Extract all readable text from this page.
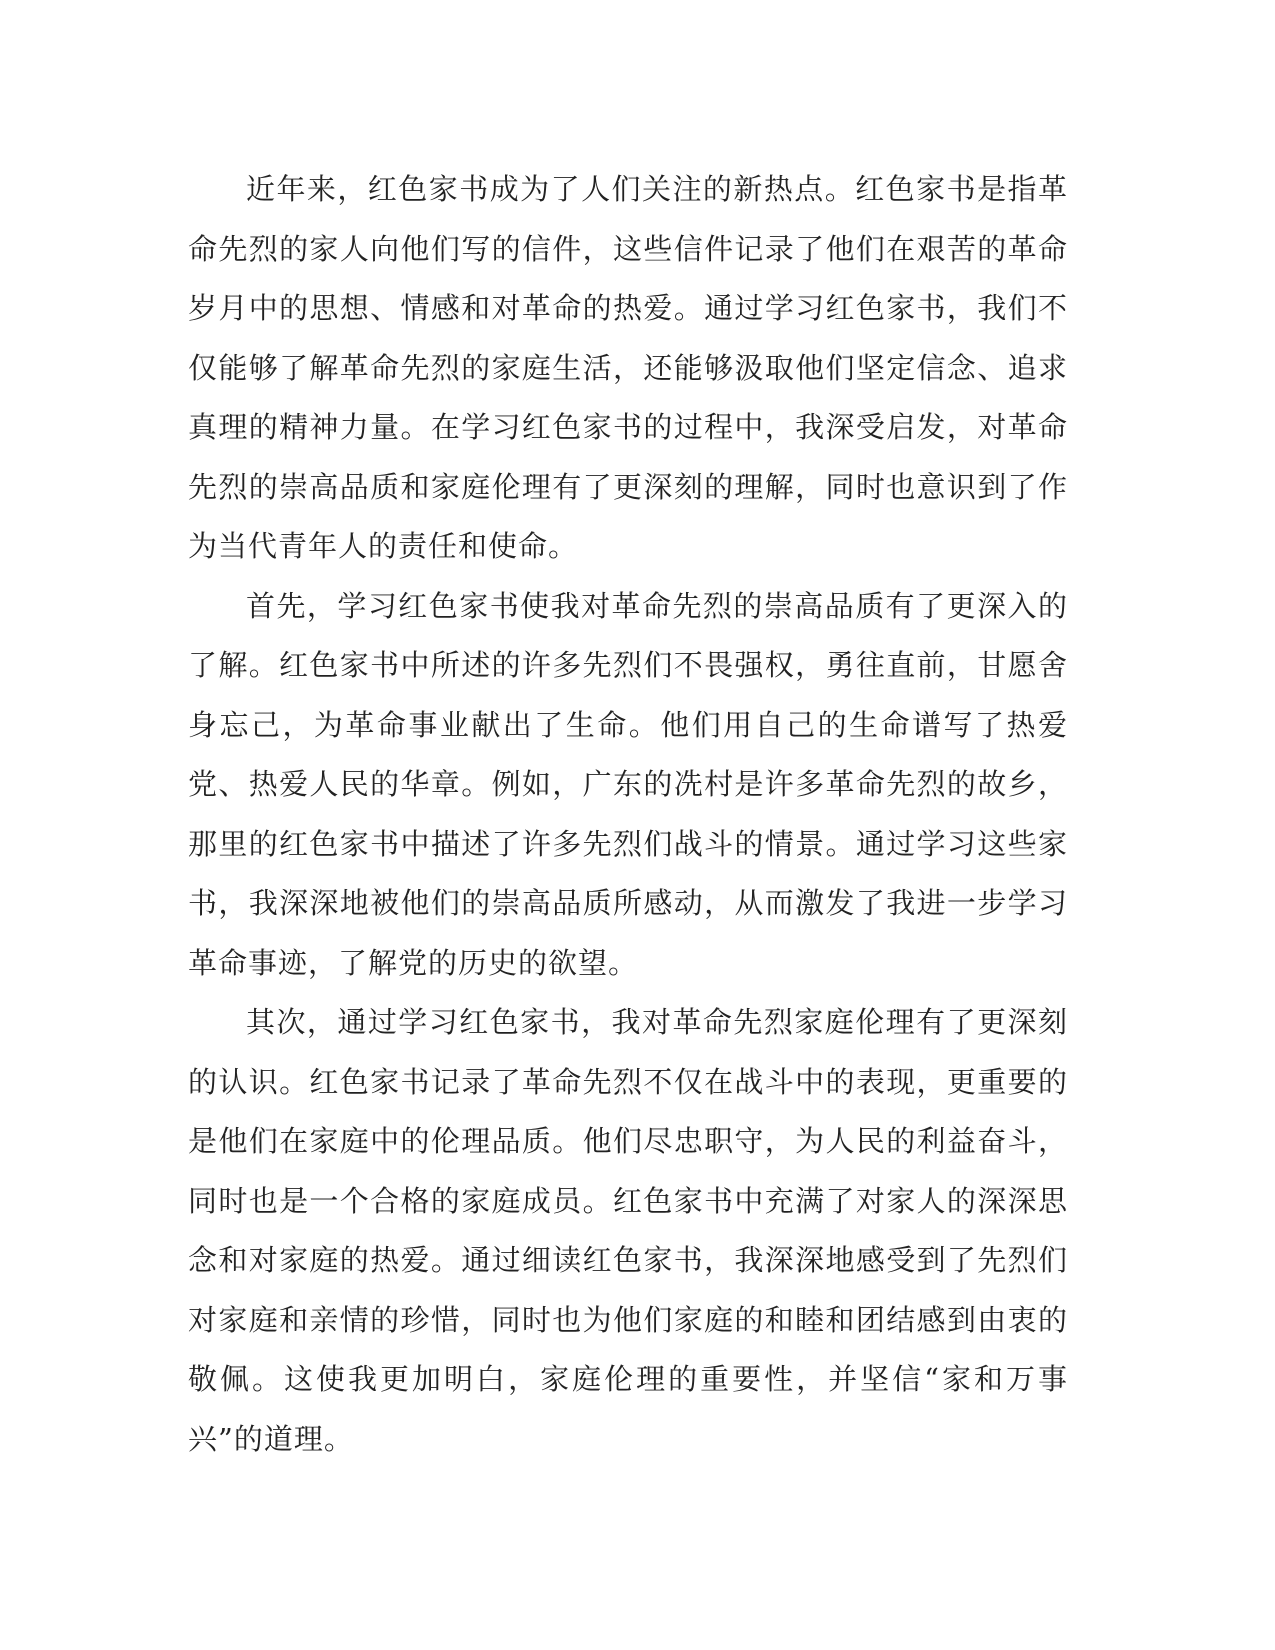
近年来，红色家书成为了人们关注的新热点。红色家书是指革命先烈的家人向他们写的信件，这些信件记录了他们在艰苦的革命岁月中的思想、情感和对革命的热爱。通过学习红色家书，我们不仅能够了解革命先烈的家庭生活，还能够汲取他们坚定信念、追求真理的精神力量。在学习红色家书的过程中，我深受启发，对革命先烈的崇高品质和家庭伦理有了更深刻的理解，同时也意识到了作为当代青年人的责任和使命。

首先，学习红色家书使我对革命先烈的崇高品质有了更深入的了解。红色家书中所述的许多先烈们不畏强权，勇往直前，甘愿舍身忘己，为革命事业献出了生命。他们用自己的生命谱写了热爱党、热爱人民的华章。例如，广东的冼村是许多革命先烈的故乡，那里的红色家书中描述了许多先烈们战斗的情景。通过学习这些家书，我深深地被他们的崇高品质所感动，从而激发了我进一步学习革命事迹，了解党的历史的欲望。

其次，通过学习红色家书，我对革命先烈家庭伦理有了更深刻的认识。红色家书记录了革命先烈不仅在战斗中的表现，更重要的是他们在家庭中的伦理品质。他们尽忠职守，为人民的利益奋斗，同时也是一个合格的家庭成员。红色家书中充满了对家人的深深思念和对家庭的热爱。通过细读红色家书，我深深地感受到了先烈们对家庭和亲情的珍惜，同时也为他们家庭的和睦和团结感到由衷的敬佩。这使我更加明白，家庭伦理的重要性，并坚信“家和万事兴”的道理。
